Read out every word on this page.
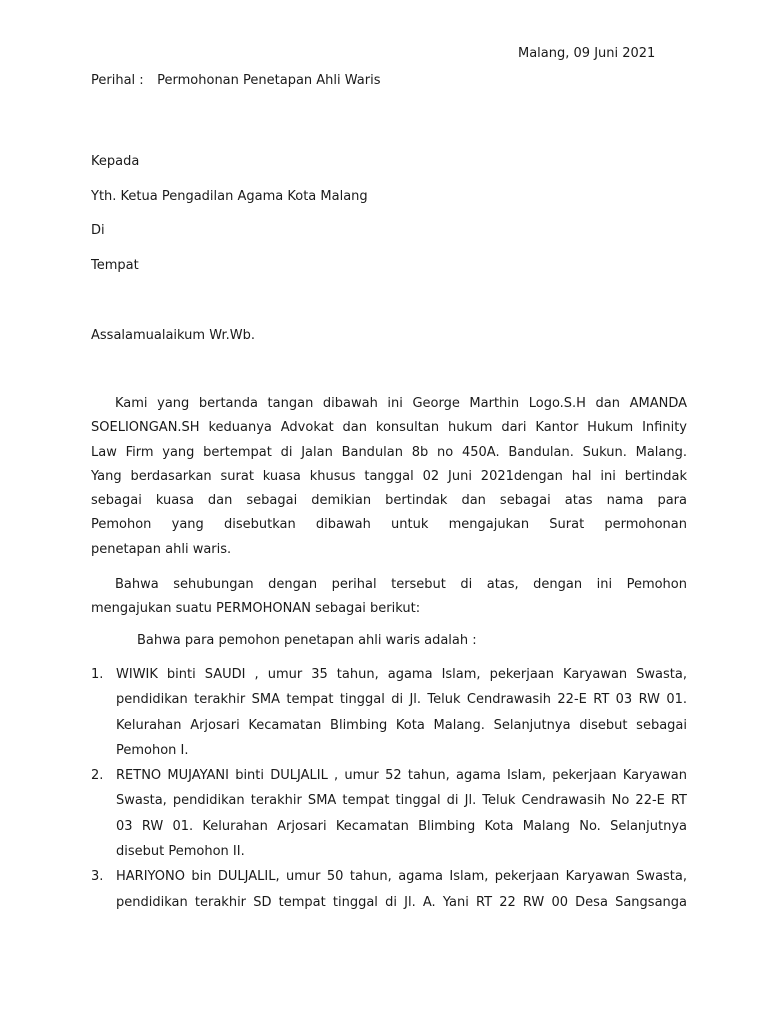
Malang, 09 Juni 2021
Perihal : Permohonan Penetapan Ahli Waris
Kepada
Yth. Ketua Pengadilan Agama Kota Malang
Di
Tempat
Assalamualaikum Wr.Wb.
Kami yang bertanda tangan dibawah ini George Marthin Logo.S.H dan AMANDA
SOELIONGAN.SH keduanya Advokat dan konsultan hukum dari Kantor Hukum Infinity
Law Firm yang bertempat di Jalan Bandulan 8b no 450A. Bandulan. Sukun. Malang.
Yang berdasarkan surat kuasa khusus tanggal 02 Juni 2021dengan hal ini bertindak
sebagai kuasa dan sebagai demikian bertindak dan sebagai atas nama para
Pemohon yang disebutkan dibawah untuk mengajukan Surat permohonan
penetapan ahli waris.
Bahwa sehubungan dengan perihal tersebut di atas, dengan ini Pemohon
mengajukan suatu PERMOHONAN sebagai berikut:
Bahwa para pemohon penetapan ahli waris adalah :
1. WIWIK binti SAUDI , umur 35 tahun, agama Islam, pekerjaan Karyawan Swasta,
pendidikan terakhir SMA tempat tinggal di Jl. Teluk Cendrawasih 22-E RT 03 RW 01.
Kelurahan Arjosari Kecamatan Blimbing Kota Malang. Selanjutnya disebut sebagai
Pemohon I.
2. RETNO MUJAYANI binti DULJALIL , umur 52 tahun, agama Islam, pekerjaan Karyawan
Swasta, pendidikan terakhir SMA tempat tinggal di Jl. Teluk Cendrawasih No 22-E RT
03 RW 01. Kelurahan Arjosari Kecamatan Blimbing Kota Malang No. Selanjutnya
disebut Pemohon II.
3. HARIYONO bin DULJALIL, umur 50 tahun, agama Islam, pekerjaan Karyawan Swasta,
pendidikan terakhir SD tempat tinggal di Jl. A. Yani RT 22 RW 00 Desa Sangsanga
